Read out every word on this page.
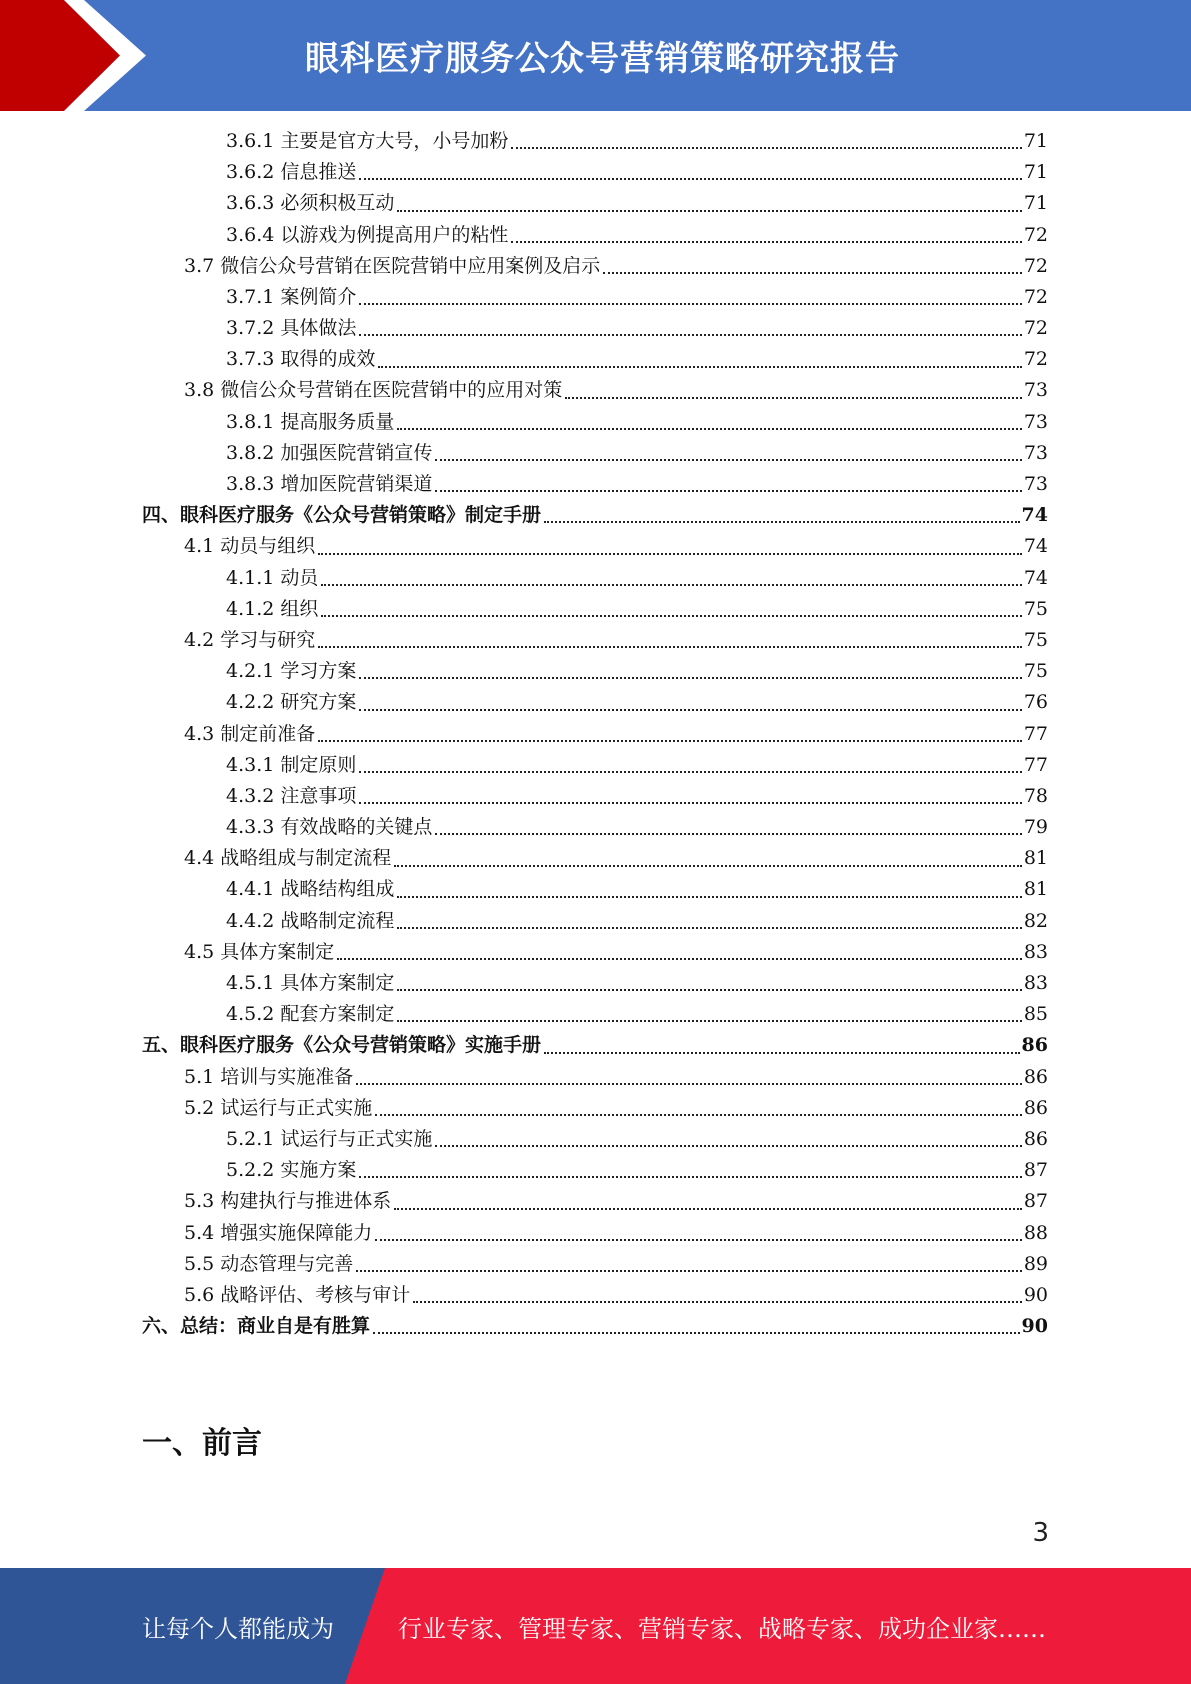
眼科医疗服务公众号营销策略研究报告
3.6.1 主要是官方大号，小号加粉	71
3.6.2 信息推送	71
3.6.3 必须积极互动	71
3.6.4 以游戏为例提高用户的粘性	72
3.7 微信公众号营销在医院营销中应用案例及启示	72
3.7.1 案例简介	72
3.7.2 具体做法	72
3.7.3 取得的成效	72
3.8 微信公众号营销在医院营销中的应用对策	73
3.8.1 提高服务质量	73
3.8.2 加强医院营销宣传	73
3.8.3 增加医院营销渠道	73
四、眼科医疗服务《公众号营销策略》制定手册	74
4.1 动员与组织	74
4.1.1 动员	74
4.1.2 组织	75
4.2 学习与研究	75
4.2.1 学习方案	75
4.2.2 研究方案	76
4.3 制定前准备	77
4.3.1 制定原则	77
4.3.2 注意事项	78
4.3.3 有效战略的关键点	79
4.4 战略组成与制定流程	81
4.4.1 战略结构组成	81
4.4.2 战略制定流程	82
4.5 具体方案制定	83
4.5.1 具体方案制定	83
4.5.2 配套方案制定	85
五、眼科医疗服务《公众号营销策略》实施手册	86
5.1 培训与实施准备	86
5.2 试运行与正式实施	86
5.2.1 试运行与正式实施	86
5.2.2 实施方案	87
5.3 构建执行与推进体系	87
5.4 增强实施保障能力	88
5.5 动态管理与完善	89
5.6 战略评估、考核与审计	90
六、总结：商业自是有胜算	90
一、前言
3
让每个人都能成为	行业专家、管理专家、营销专家、战略专家、成功企业家……
